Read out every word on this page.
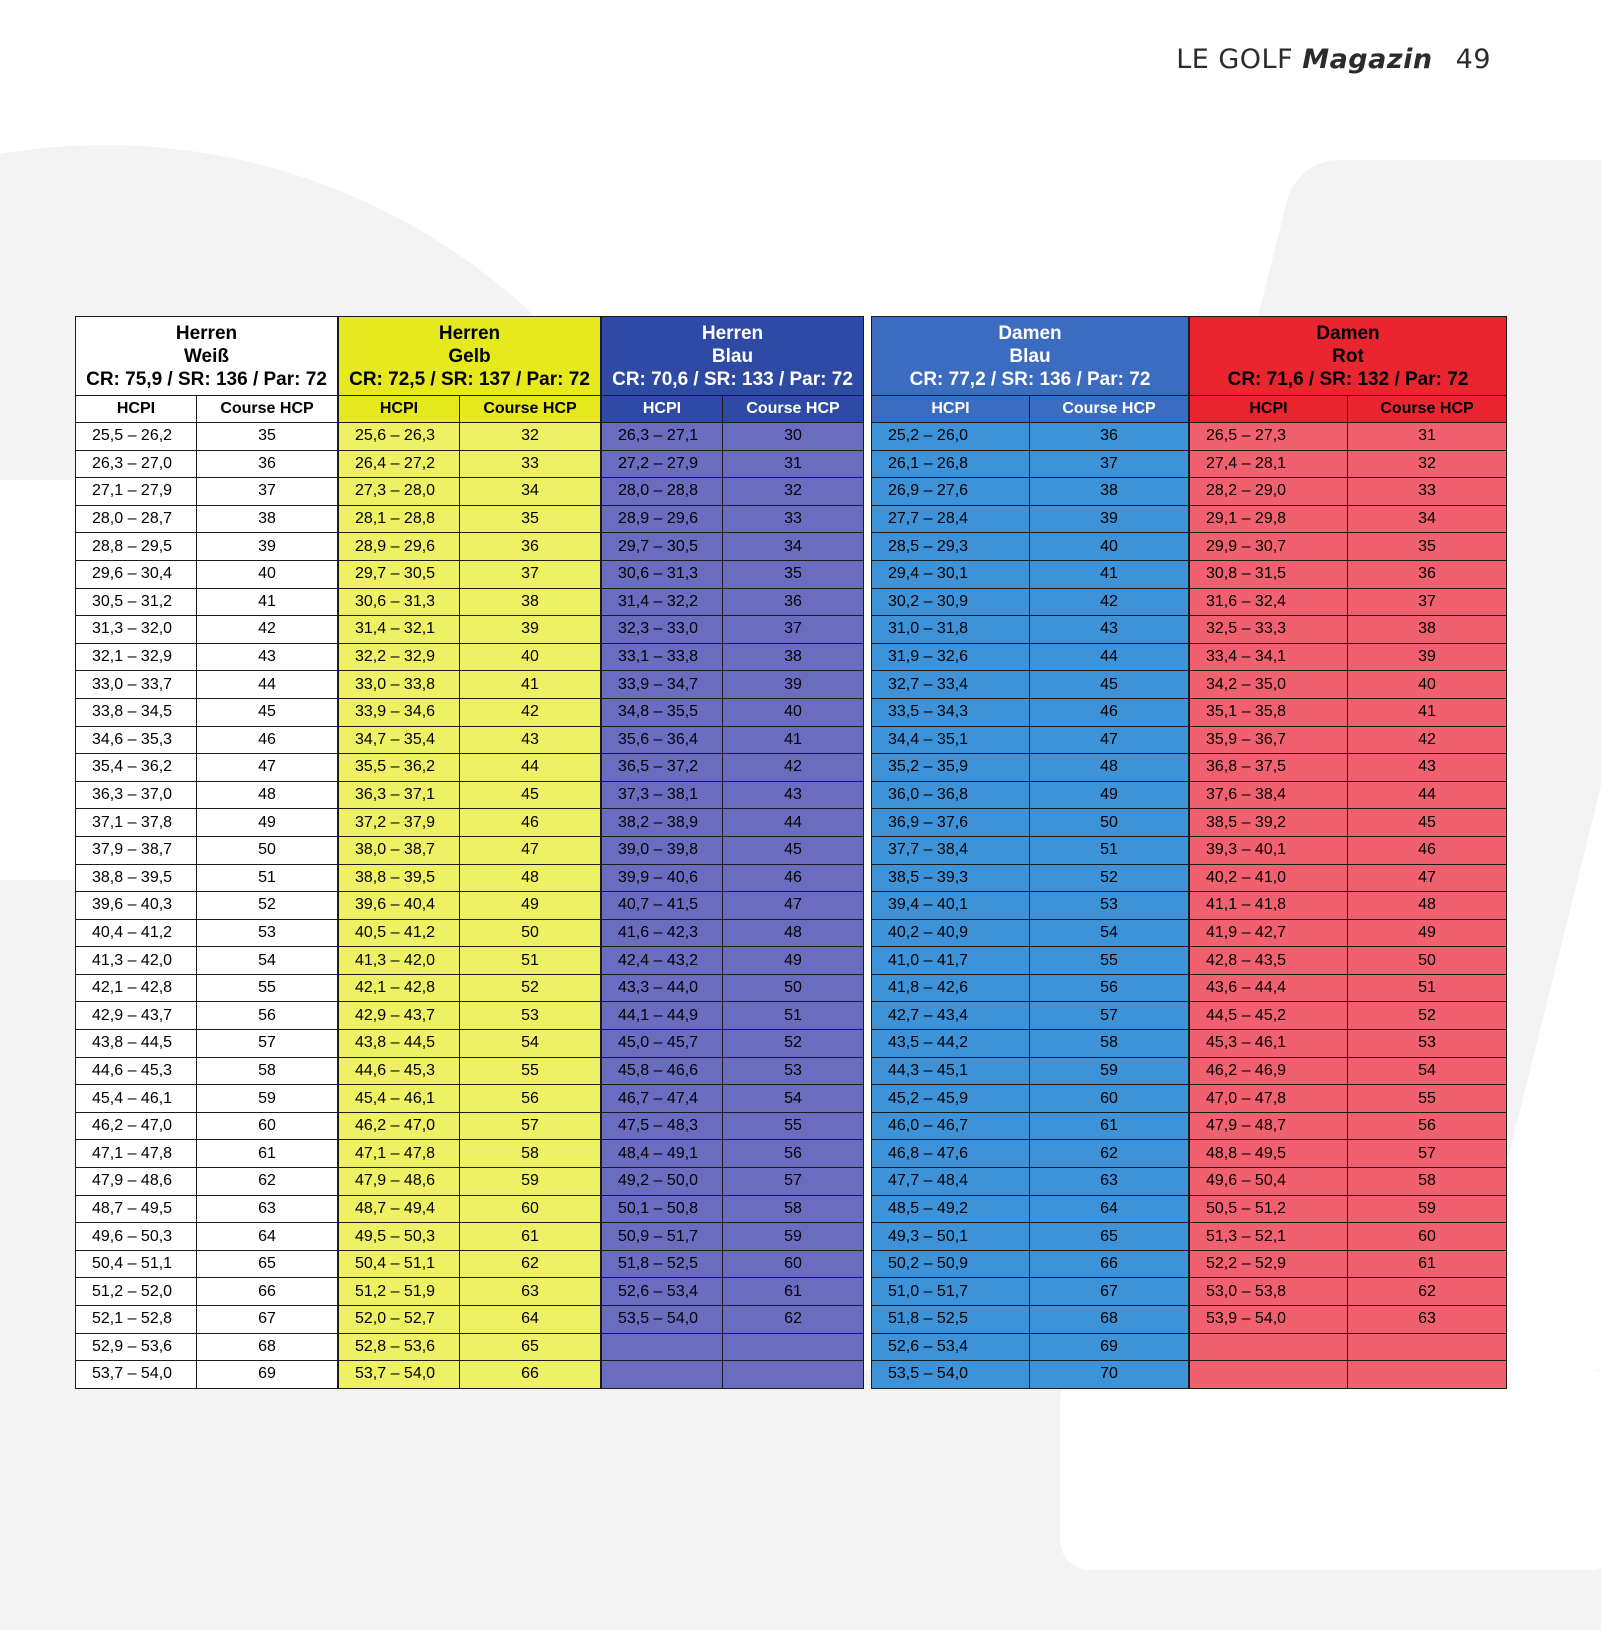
LE GOLF Magazin 49
Herren
Weiß
CR: 75,9 / SR: 136 / Par: 72	

HCPI	Course HCP
25,5 – 26,2	35
26,3 – 27,0	36
27,1 – 27,9	37
28,0 – 28,7	38
28,8 – 29,5	39
29,6 – 30,4	40
30,5 – 31,2	41
31,3 – 32,0	42
32,1 – 32,9	43
33,0 – 33,7	44
33,8 – 34,5	45
34,6 – 35,3	46
35,4 – 36,2	47
36,3 – 37,0	48
37,1 – 37,8	49
37,9 – 38,7	50
38,8 – 39,5	51
39,6 – 40,3	52
40,4 – 41,2	53
41,3 – 42,0	54
42,1 – 42,8	55
42,9 – 43,7	56
43,8 – 44,5	57
44,6 – 45,3	58
45,4 – 46,1	59
46,2 – 47,0	60
47,1 – 47,8	61
47,9 – 48,6	62
48,7 – 49,5	63
49,6 – 50,3	64
50,4 – 51,1	65
51,2 – 52,0	66
52,1 – 52,8	67
52,9 – 53,6	68
53,7 – 54,0	69
Herren
Gelb
CR: 72,5 / SR: 137 / Par: 72	

HCPI	Course HCP
25,6 – 26,3	32
26,4 – 27,2	33
27,3 – 28,0	34
28,1 – 28,8	35
28,9 – 29,6	36
29,7 – 30,5	37
30,6 – 31,3	38
31,4 – 32,1	39
32,2 – 32,9	40
33,0 – 33,8	41
33,9 – 34,6	42
34,7 – 35,4	43
35,5 – 36,2	44
36,3 – 37,1	45
37,2 – 37,9	46
38,0 – 38,7	47
38,8 – 39,5	48
39,6 – 40,4	49
40,5 – 41,2	50
41,3 – 42,0	51
42,1 – 42,8	52
42,9 – 43,7	53
43,8 – 44,5	54
44,6 – 45,3	55
45,4 – 46,1	56
46,2 – 47,0	57
47,1 – 47,8	58
47,9 – 48,6	59
48,7 – 49,4	60
49,5 – 50,3	61
50,4 – 51,1	62
51,2 – 51,9	63
52,0 – 52,7	64
52,8 – 53,6	65
53,7 – 54,0	66
Herren
Blau
CR: 70,6 / SR: 133 / Par: 72	

HCPI	Course HCP
26,3 – 27,1	30
27,2 – 27,9	31
28,0 – 28,8	32
28,9 – 29,6	33
29,7 – 30,5	34
30,6 – 31,3	35
31,4 – 32,2	36
32,3 – 33,0	37
33,1 – 33,8	38
33,9 – 34,7	39
34,8 – 35,5	40
35,6 – 36,4	41
36,5 – 37,2	42
37,3 – 38,1	43
38,2 – 38,9	44
39,0 – 39,8	45
39,9 – 40,6	46
40,7 – 41,5	47
41,6 – 42,3	48
42,4 – 43,2	49
43,3 – 44,0	50
44,1 – 44,9	51
45,0 – 45,7	52
45,8 – 46,6	53
46,7 – 47,4	54
47,5 – 48,3	55
48,4 – 49,1	56
49,2 – 50,0	57
50,1 – 50,8	58
50,9 – 51,7	59
51,8 – 52,5	60
52,6 – 53,4	61
53,5 – 54,0	62

Damen
Blau
CR: 77,2 / SR: 136 / Par: 72	

HCPI	Course HCP
25,2 – 26,0	36
26,1 – 26,8	37
26,9 – 27,6	38
27,7 – 28,4	39
28,5 – 29,3	40
29,4 – 30,1	41
30,2 – 30,9	42
31,0 – 31,8	43
31,9 – 32,6	44
32,7 – 33,4	45
33,5 – 34,3	46
34,4 – 35,1	47
35,2 – 35,9	48
36,0 – 36,8	49
36,9 – 37,6	50
37,7 – 38,4	51
38,5 – 39,3	52
39,4 – 40,1	53
40,2 – 40,9	54
41,0 – 41,7	55
41,8 – 42,6	56
42,7 – 43,4	57
43,5 – 44,2	58
44,3 – 45,1	59
45,2 – 45,9	60
46,0 – 46,7	61
46,8 – 47,6	62
47,7 – 48,4	63
48,5 – 49,2	64
49,3 – 50,1	65
50,2 – 50,9	66
51,0 – 51,7	67
51,8 – 52,5	68
52,6 – 53,4	69
53,5 – 54,0	70
Damen
Rot
CR: 71,6 / SR: 132 / Par: 72	

HCPI	Course HCP
26,5 – 27,3	31
27,4 – 28,1	32
28,2 – 29,0	33
29,1 – 29,8	34
29,9 – 30,7	35
30,8 – 31,5	36
31,6 – 32,4	37
32,5 – 33,3	38
33,4 – 34,1	39
34,2 – 35,0	40
35,1 – 35,8	41
35,9 – 36,7	42
36,8 – 37,5	43
37,6 – 38,4	44
38,5 – 39,2	45
39,3 – 40,1	46
40,2 – 41,0	47
41,1 – 41,8	48
41,9 – 42,7	49
42,8 – 43,5	50
43,6 – 44,4	51
44,5 – 45,2	52
45,3 – 46,1	53
46,2 – 46,9	54
47,0 – 47,8	55
47,9 – 48,7	56
48,8 – 49,5	57
49,6 – 50,4	58
50,5 – 51,2	59
51,3 – 52,1	60
52,2 – 52,9	61
53,0 – 53,8	62
53,9 – 54,0	63
